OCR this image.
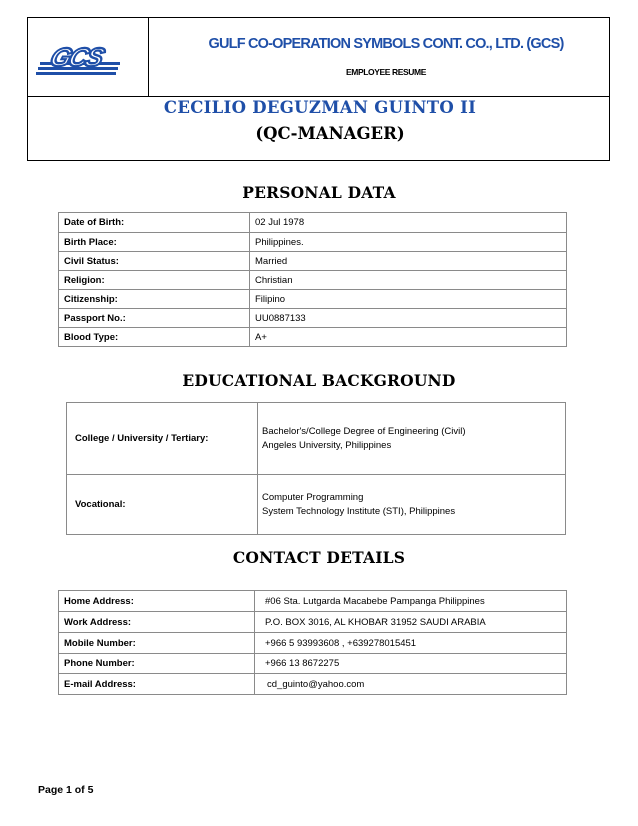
GCS	GULF CO-OPERATION SYMBOLS CONT. CO., LTD. (GCS)
EMPLOYEE RESUME
CECILIO DEGUZMAN GUINTO II
(QC-MANAGER)
PERSONAL DATA
Date of Birth:	02 Jul 1978
Birth Place:	Philippines.
Civil Status:	Married
Religion:	Christian
Citizenship:	Filipino
Passport No.:	UU0887133
Blood Type:	A+
EDUCATIONAL BACKGROUND
College / University / Tertiary:	Bachelor's/College Degree of Engineering (Civil)
Angeles University, Philippines

Vocational:	Computer Programming
System Technology Institute (STI), Philippines
CONTACT DETAILS
Home Address:	#06 Sta. Lutgarda Macabebe Pampanga Philippines
Work Address:	P.O. BOX 3016, AL KHOBAR 31952 SAUDI ARABIA
Mobile Number:	+966 5 93993608 , +639278015451
Phone Number:	+966 13 8672275
E-mail Address:	cd_guinto@yahoo.com
Page 1 of 5
